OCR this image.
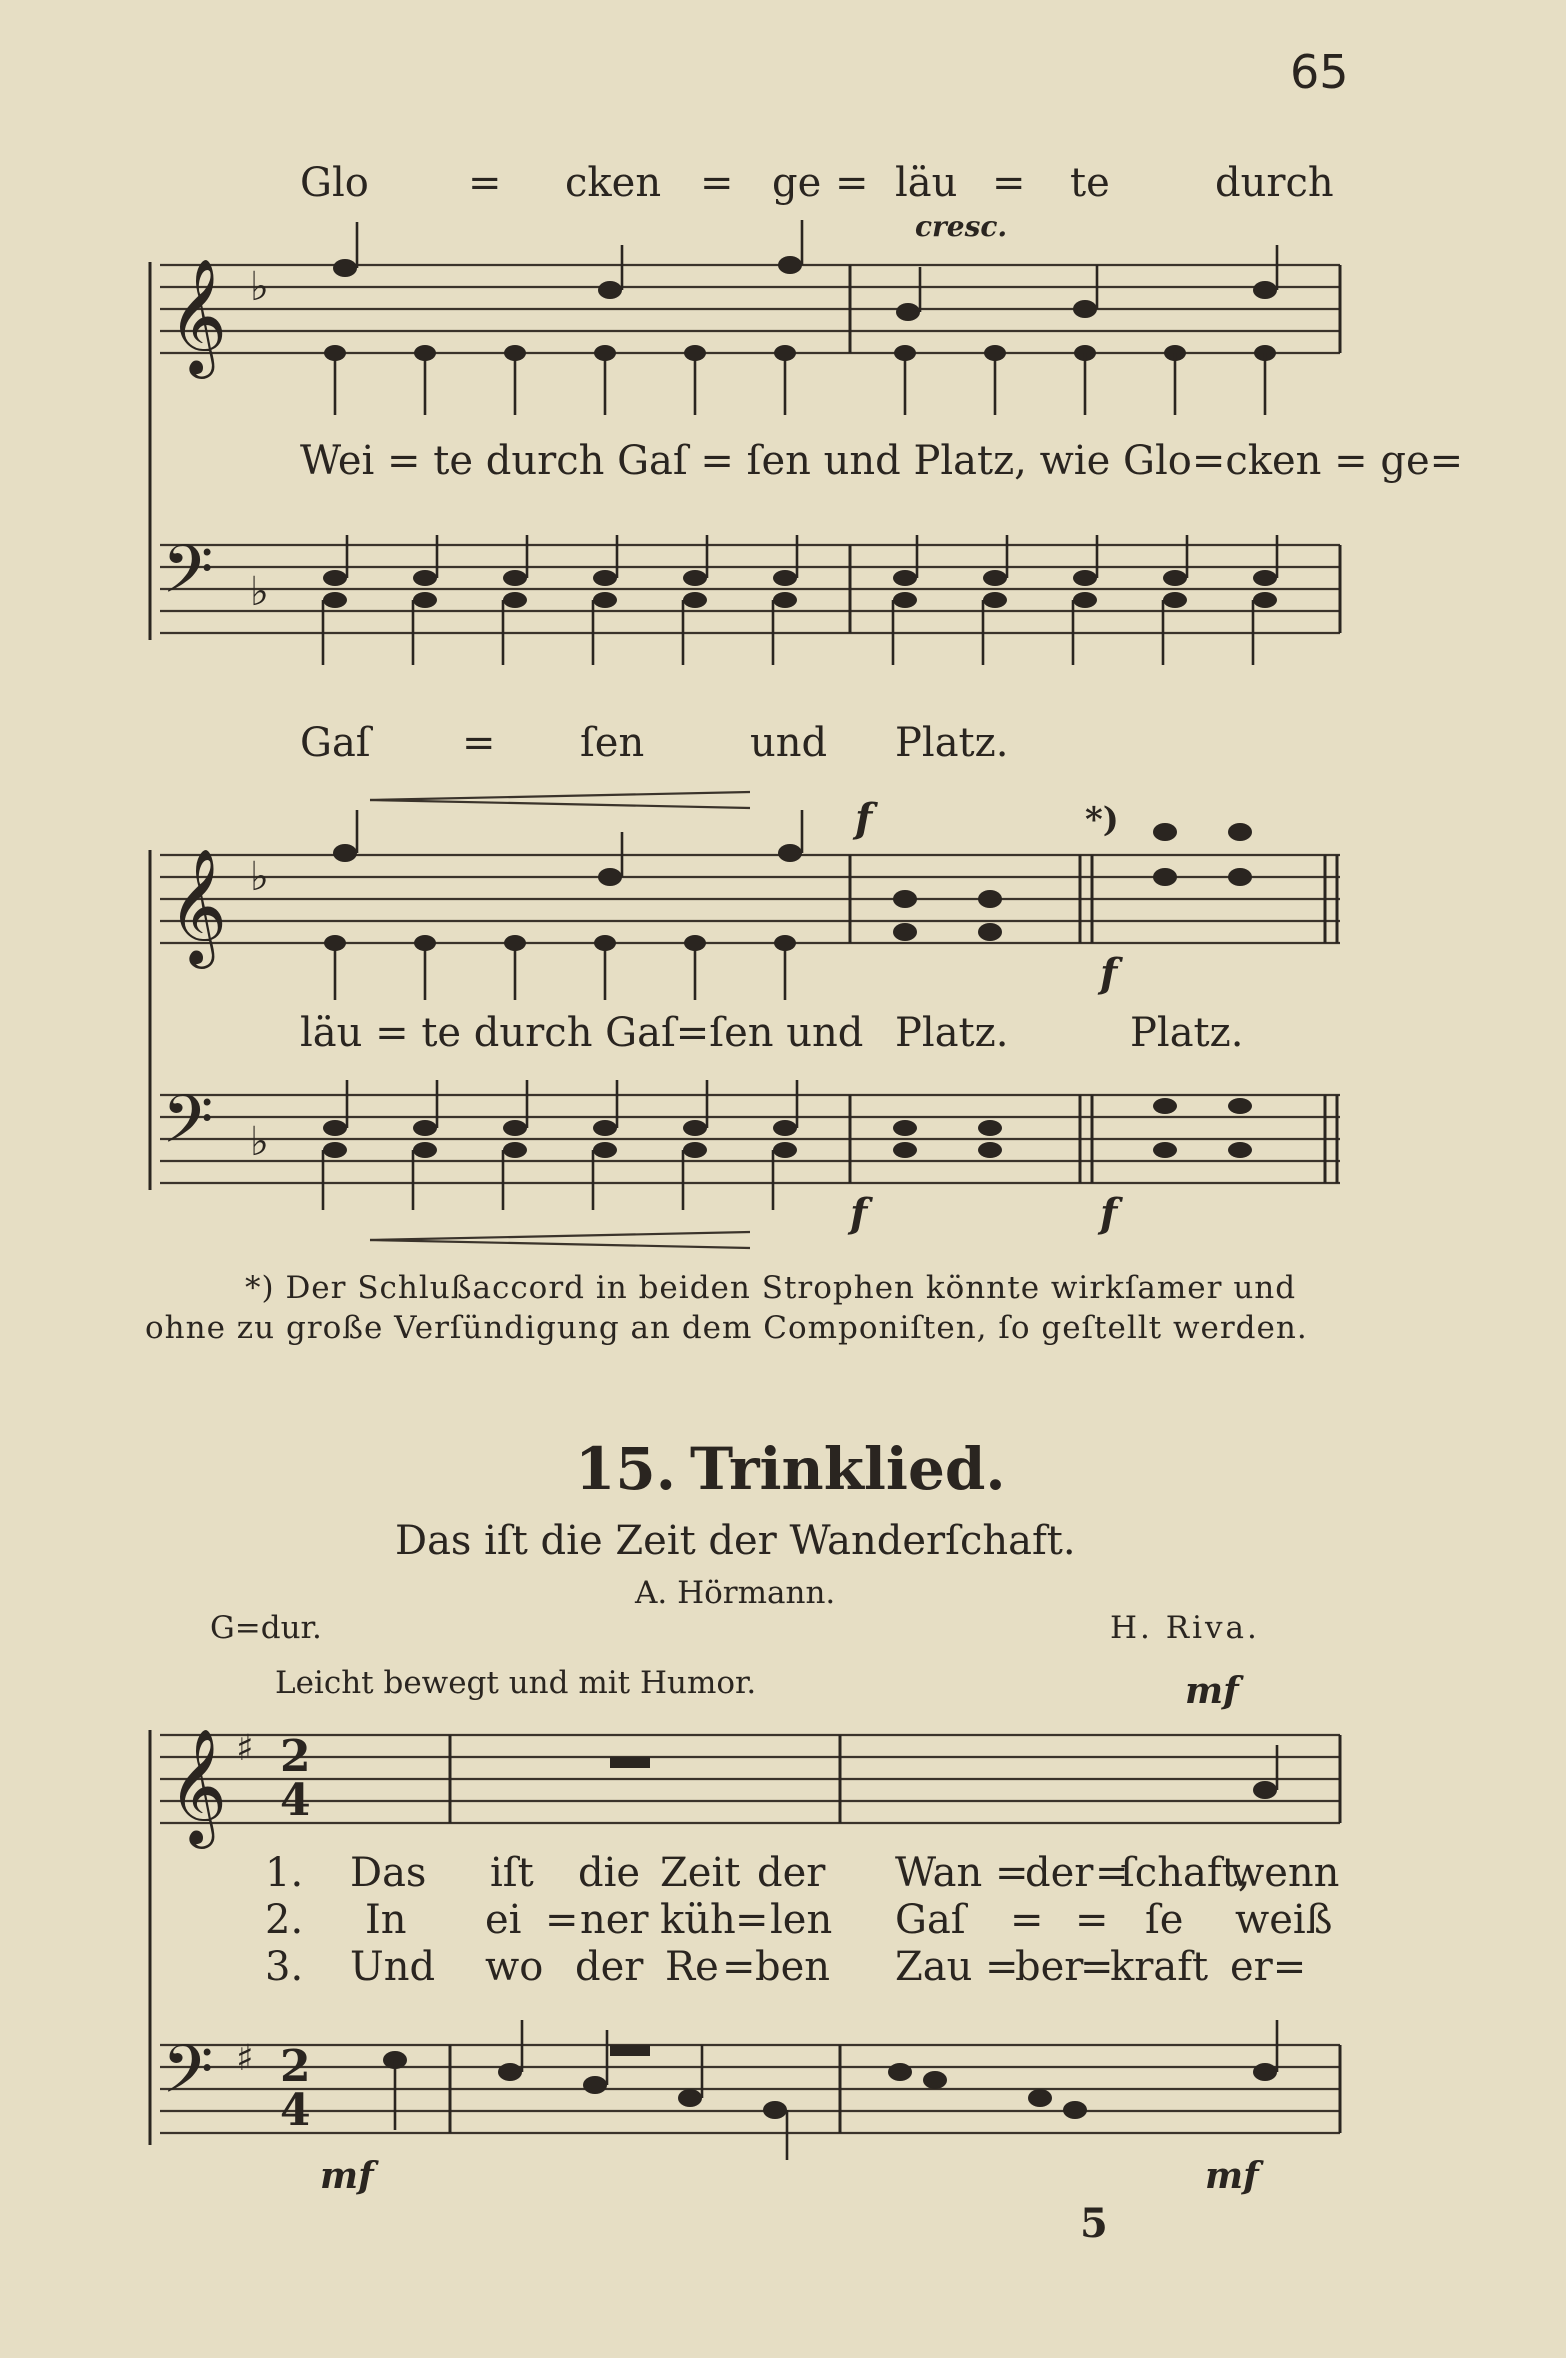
65
Glo = cken = ge = läu = te	durch
cresc.
Wei = te durch Gaſ = ſen und Platz, wie Glo=cken = ge=
𝄞 ♭
𝄢 ♭
𝄞 ♭
𝄢 ♭
𝄞 ♯
𝄢 ♯
Gaſ = ſen	und Platz.
f	*)
f
läu = te durch Gaſ=ſen und Platz.	Platz.
f	f
*) Der Schlußaccord in beiden Strophen könnte wirkſamer und
ohne zu große Verſündigung an dem Componiſten, ſo geſtellt werden.
15. Trinklied.
Das iſt die Zeit der Wanderſchaft.
A. Hörmann.
G=dur.	H. Riva.
Leicht bewegt und mit Humor.	mf
2
4
2
4
1. Das iſt die Zeit der Wan =
der =
ſchaft,
wenn
2. In ei = ner küh = len Gaſ = = ſe weiß
3. Und wo der Re = ben Zau =
ber
=
kraft er=
mf	mf
5
